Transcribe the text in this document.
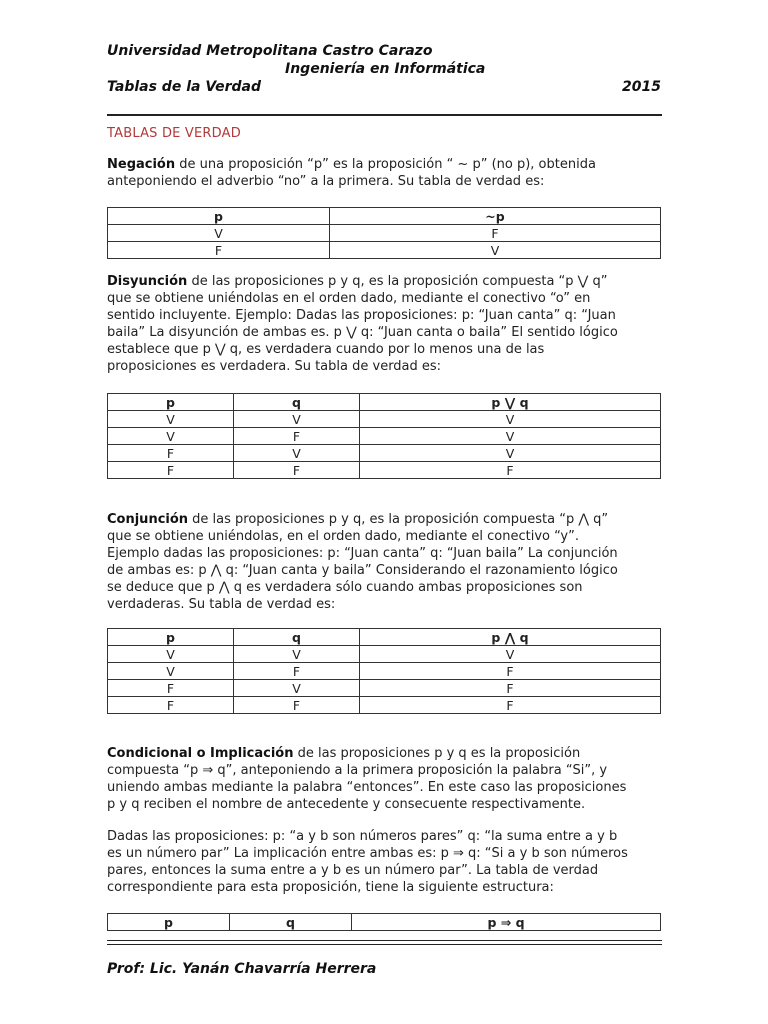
Universidad Metropolitana Castro Carazo
Ingeniería en Informática
Tablas de la Verdad	2015
TABLAS DE VERDAD
Negación de una proposición “p” es la proposición “ ~ p” (no p), obtenida
anteponiendo el adverbio “no” a la primera. Su tabla de verdad es:
p	~p
V	F
F	V
Disyunción de las proposiciones p y q, es la proposición compuesta “p ⋁ q”
que se obtiene uniéndolas en el orden dado, mediante el conectivo “o” en
sentido incluyente. Ejemplo: Dadas las proposiciones: p: “Juan canta” q: “Juan
baila” La disyunción de ambas es. p ⋁ q: “Juan canta o baila” El sentido lógico
establece que p ⋁ q, es verdadera cuando por lo menos una de las
proposiciones es verdadera. Su tabla de verdad es:
p	q	p ⋁ q
V	V	V
V	F	V
F	V	V
F	F	F
Conjunción de las proposiciones p y q, es la proposición compuesta “p ⋀ q”
que se obtiene uniéndolas, en el orden dado, mediante el conectivo “y”.
Ejemplo dadas las proposiciones: p: “Juan canta” q: “Juan baila” La conjunción
de ambas es: p ⋀ q: “Juan canta y baila” Considerando el razonamiento lógico
se deduce que p ⋀ q es verdadera sólo cuando ambas proposiciones son
verdaderas. Su tabla de verdad es:
p	q	p ⋀ q
V	V	V
V	F	F
F	V	F
F	F	F
Condicional o Implicación de las proposiciones p y q es la proposición
compuesta “p ⇒ q”, anteponiendo a la primera proposición la palabra “Si”, y
uniendo ambas mediante la palabra “entonces”. En este caso las proposiciones
p y q reciben el nombre de antecedente y consecuente respectivamente.
Dadas las proposiciones: p: “a y b son números pares” q: “la suma entre a y b
es un número par” La implicación entre ambas es: p ⇒ q: “Si a y b son números
pares, entonces la suma entre a y b es un número par”. La tabla de verdad
correspondiente para esta proposición, tiene la siguiente estructura:
p	q	p ⇒ q
Prof: Lic. Yanán Chavarría Herrera
